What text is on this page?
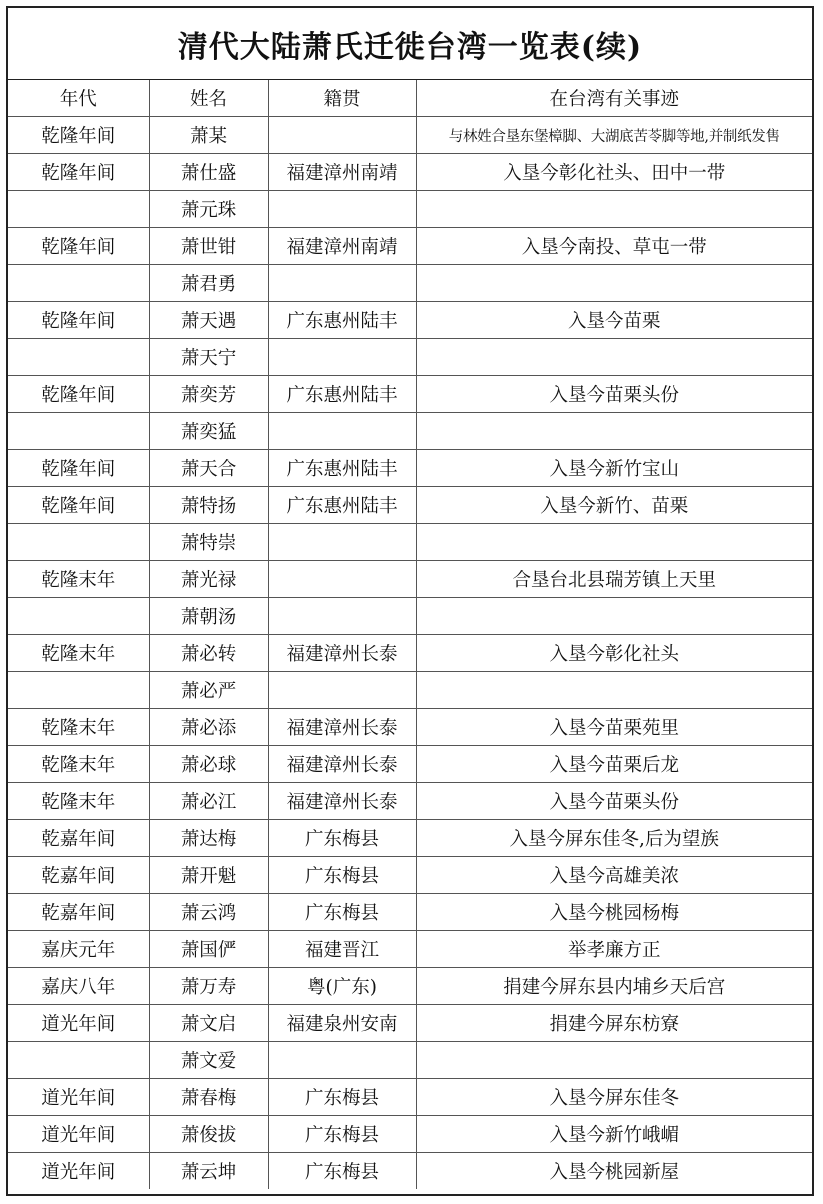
清代大陆萧氏迁徙台湾一览表(续)
年代	姓名	籍贯	在台湾有关事迹
乾隆年间	萧某		与林姓合垦东堡樟脚、大湖底苦苓脚等地,并制纸发售
乾隆年间	萧仕盛	福建漳州南靖	入垦今彰化社头、田中一带
	萧元珠		
乾隆年间	萧世钳	福建漳州南靖	入垦今南投、草屯一带
	萧君勇		
乾隆年间	萧天遇	广东惠州陆丰	入垦今苗栗
	萧天宁		
乾隆年间	萧奕芳	广东惠州陆丰	入垦今苗栗头份
	萧奕猛		
乾隆年间	萧天合	广东惠州陆丰	入垦今新竹宝山
乾隆年间	萧特扬	广东惠州陆丰	入垦今新竹、苗栗
	萧特崇		
乾隆末年	萧光禄		合垦台北县瑞芳镇上天里
	萧朝汤		
乾隆末年	萧必转	福建漳州长泰	入垦今彰化社头
	萧必严		
乾隆末年	萧必添	福建漳州长泰	入垦今苗栗苑里
乾隆末年	萧必球	福建漳州长泰	入垦今苗栗后龙
乾隆末年	萧必江	福建漳州长泰	入垦今苗栗头份
乾嘉年间	萧达梅	广东梅县	入垦今屏东佳冬,后为望族
乾嘉年间	萧开魁	广东梅县	入垦今高雄美浓
乾嘉年间	萧云鸿	广东梅县	入垦今桃园杨梅
嘉庆元年	萧国俨	福建晋江	举孝廉方正
嘉庆八年	萧万寿	粤(广东)	捐建今屏东县内埔乡天后宫
道光年间	萧文启	福建泉州安南	捐建今屏东枋寮
	萧文爱		
道光年间	萧春梅	广东梅县	入垦今屏东佳冬
道光年间	萧俊拔	广东梅县	入垦今新竹峨嵋
道光年间	萧云坤	广东梅县	入垦今桃园新屋
